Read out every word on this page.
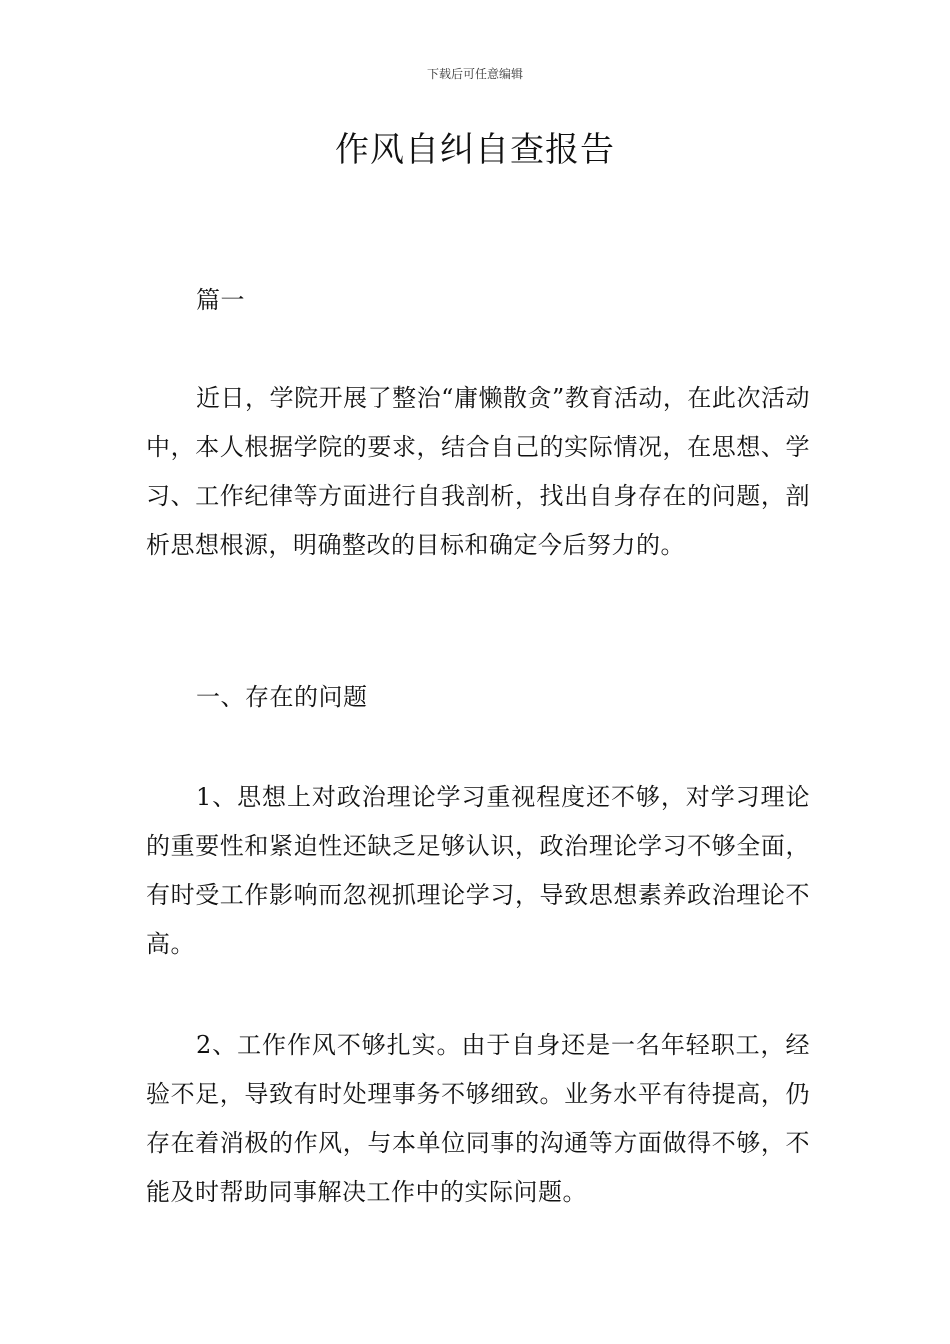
下载后可任意编辑
作风自纠自查报告

篇一

近日，学院开展了整治“庸懒散贪”教育活动，在此次活动中，本人根据学院的要求，结合自己的实际情况，在思想、学习、工作纪律等方面进行自我剖析，找出自身存在的问题，剖析思想根源，明确整改的目标和确定今后努力的。

一、存在的问题

1、思想上对政治理论学习重视程度还不够，对学习理论的重要性和紧迫性还缺乏足够认识，政治理论学习不够全面，有时受工作影响而忽视抓理论学习，导致思想素养政治理论不高。

2、工作作风不够扎实。由于自身还是一名年轻职工，经验不足，导致有时处理事务不够细致。业务水平有待提高，仍存在着消极的作风，与本单位同事的沟通等方面做得不够，不能及时帮助同事解决工作中的实际问题。
